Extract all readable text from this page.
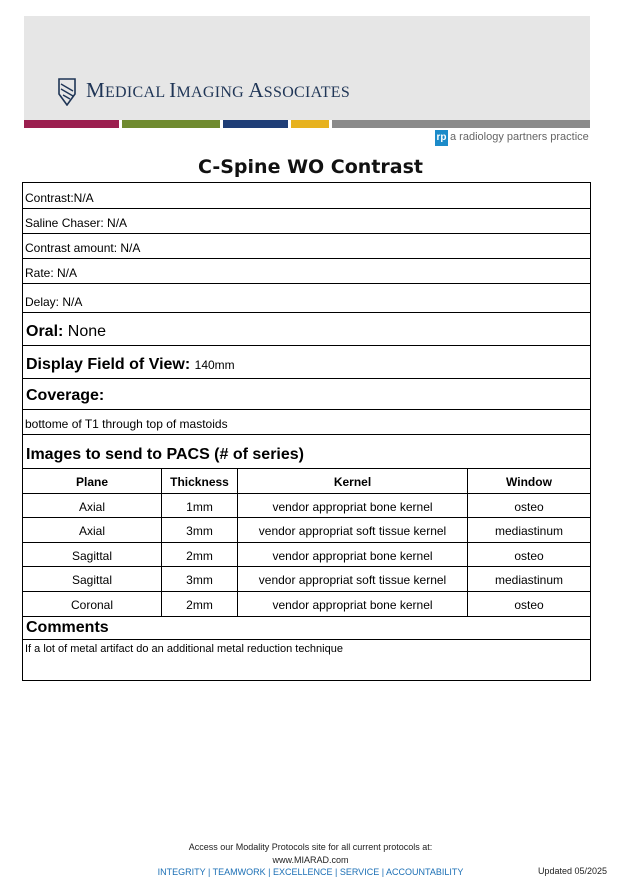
MEDICAL IMAGING ASSOCIATES
rp a radiology partners practice
C-Spine WO Contrast
Contrast:N/A
Saline Chaser: N/A
Contrast amount: N/A
Rate: N/A
Delay: N/A
Oral: None
Display Field of View: 140mm
Coverage:
bottome of T1 through top of mastoids
Images to send to PACS (# of series)
Plane	Thickness	Kernel	Window
Axial	1mm	vendor appropriat bone kernel	osteo
Axial	3mm	vendor appropriat soft tissue kernel	mediastinum
Sagittal	2mm	vendor appropriat bone kernel	osteo
Sagittal	3mm	vendor appropriat soft tissue kernel	mediastinum
Coronal	2mm	vendor appropriat bone kernel	osteo
Comments
If a lot of metal artifact do an additional metal reduction technique
Access our Modality Protocols site for all current protocols at:
www.MIARAD.com
INTEGRITY | TEAMWORK | EXCELLENCE | SERVICE | ACCOUNTABILITY	Updated 05/2025
